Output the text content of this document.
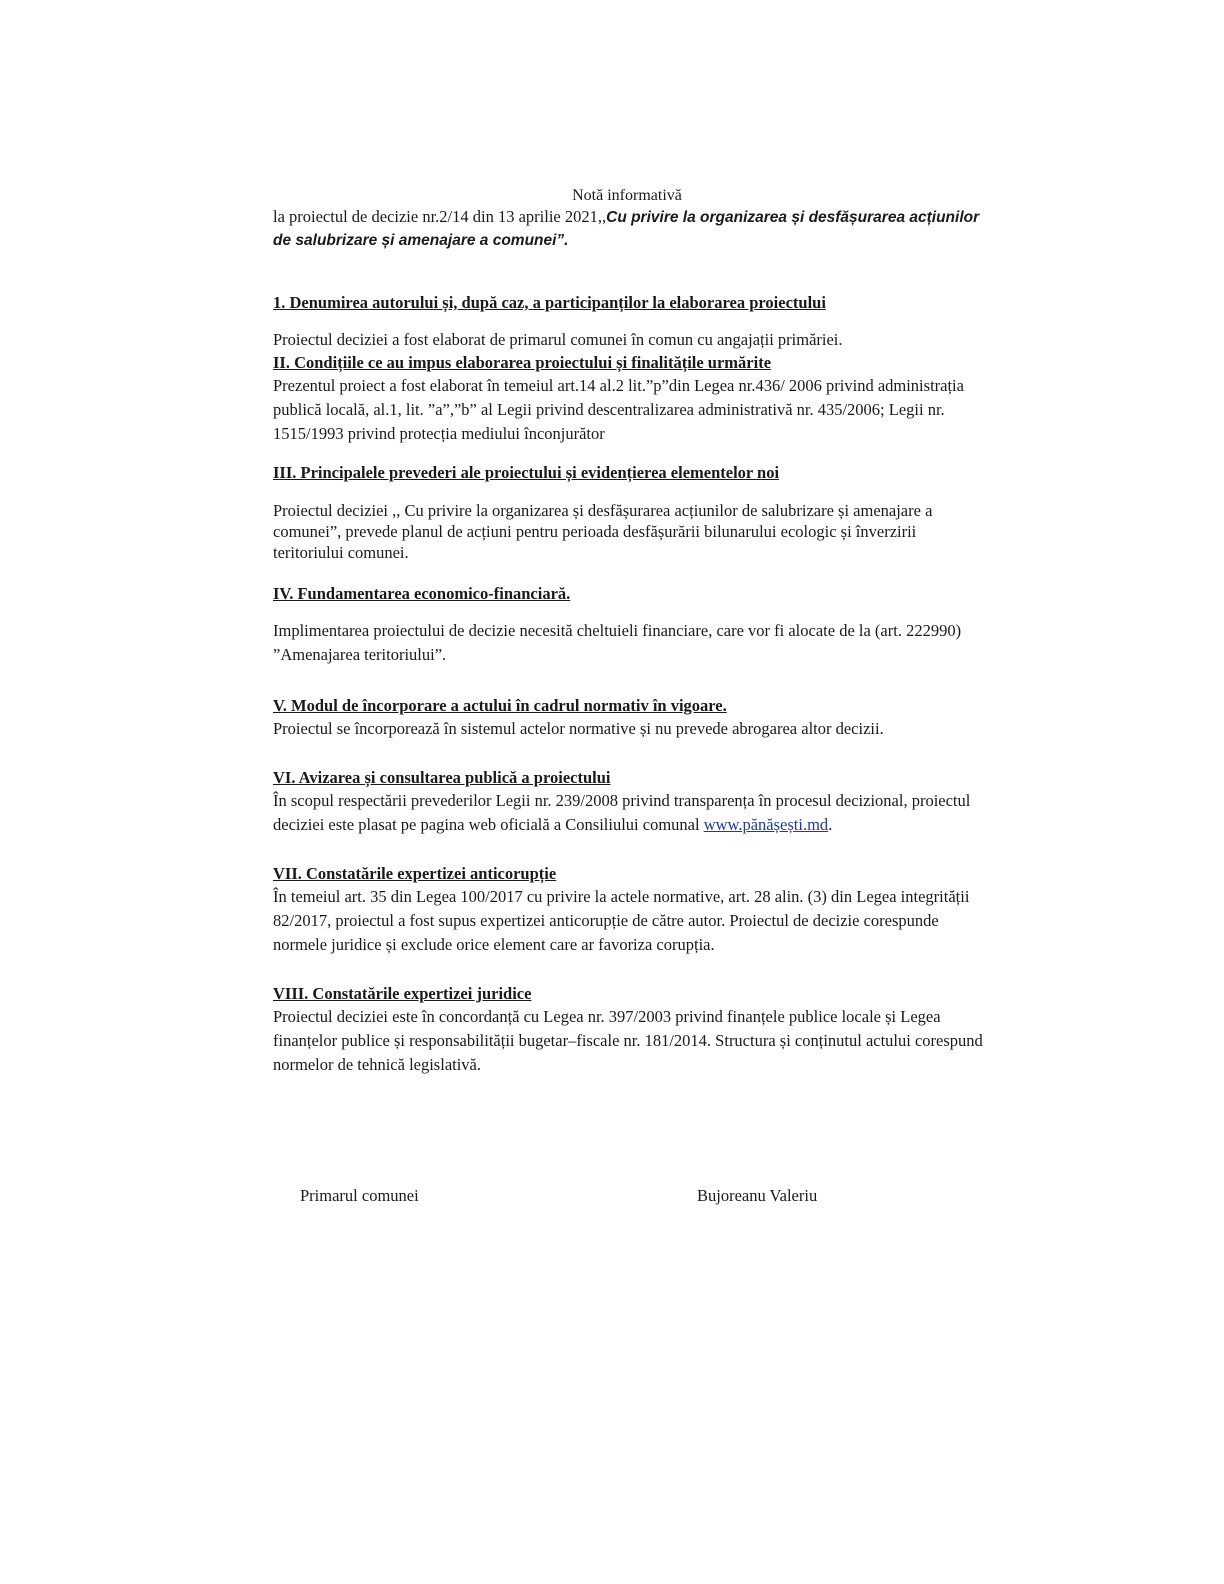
Notă informativă
la proiectul de decizie nr.2/14 din 13 aprilie 2021,,Cu privire la organizarea și desfășurarea acțiunilor de salubrizare și amenajare a comunei”.
1. Denumirea autorului și, după caz, a participanților la elaborarea proiectului
Proiectul deciziei a fost elaborat de primarul comunei în comun cu angajații primăriei.
II. Condițiile ce au impus elaborarea proiectului și finalitățile urmărite
Prezentul proiect a fost elaborat în temeiul art.14 al.2 lit.”p”din Legea nr.436/ 2006 privind administrația publică locală, al.1, lit. ”a”,”b” al Legii privind descentralizarea administrativă nr. 435/2006; Legii nr. 1515/1993 privind protecția mediului înconjurător
III. Principalele prevederi ale proiectului și evidențierea elementelor noi
Proiectul deciziei ,, Cu privire la organizarea și desfășurarea acțiunilor de salubrizare și amenajare a comunei”, prevede planul de acțiuni pentru perioada desfășurării bilunarului ecologic și înverzirii teritoriului comunei.
IV. Fundamentarea economico-financiară.
Implimentarea proiectului de decizie necesită cheltuieli financiare, care vor fi alocate de la (art. 222990) ”Amenajarea teritoriului”.
V. Modul de încorporare a actului în cadrul normativ în vigoare.
Proiectul se încorporează în sistemul actelor normative și nu prevede abrogarea altor decizii.
VI. Avizarea și consultarea publică a proiectului
În scopul respectării prevederilor Legii nr. 239/2008 privind transparența în procesul decizional, proiectul deciziei este plasat pe pagina web oficială a Consiliului comunal www.pănășești.md.
VII. Constatările expertizei anticorupție
În temeiul art. 35 din Legea 100/2017 cu privire la actele normative, art. 28 alin. (3) din Legea integrității 82/2017, proiectul a fost supus expertizei anticorupție de către autor. Proiectul de decizie corespunde normele juridice și exclude orice element care ar favoriza corupția.
VIII. Constatările expertizei juridice
Proiectul deciziei este în concordanță cu Legea nr. 397/2003 privind finanțele publice locale și Legea finanțelor publice și responsabilității bugetar–fiscale nr. 181/2014. Structura și conținutul actului corespund normelor de tehnică legislativă.
Primarul comunei	Bujoreanu Valeriu
